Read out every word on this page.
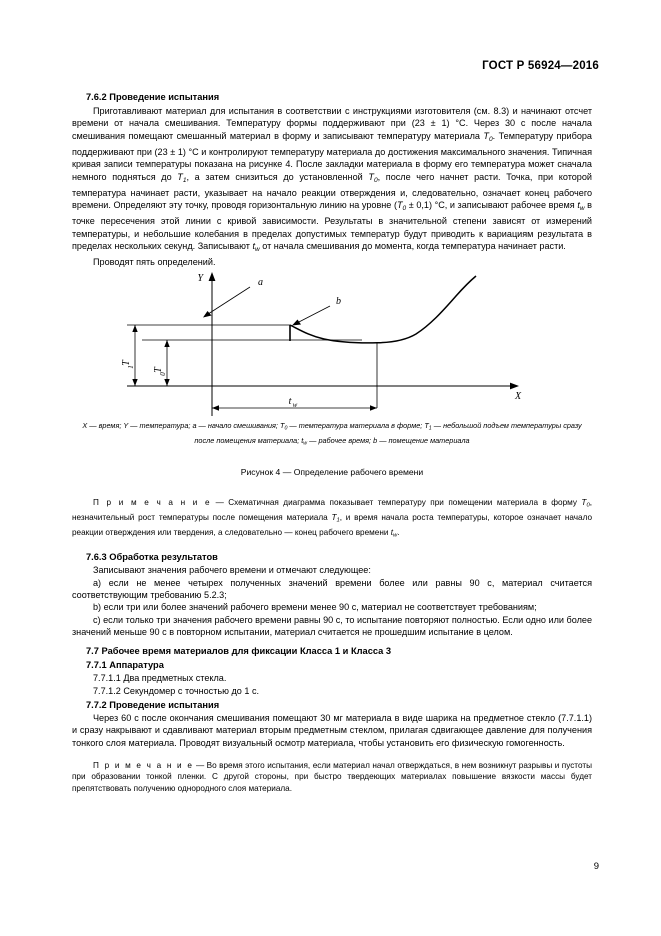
ГОСТ Р 56924—2016
7.6.2 Проведение испытания

Приготавливают материал для испытания в соответствии с инструкциями изготовителя (см. 8.3) и начинают отсчет времени от начала смешивания. Температуру формы поддерживают при (23 ± 1) °С. Через 30 с после начала смешивания помещают смешанный материал в форму и записывают температуру материала $T_0$. Температуру прибора поддерживают при (23 ± 1) °С и контролируют температуру материала до достижения максимального значения. Типичная кривая записи температуры показана на рисунке 4. После закладки материала в форму его температура может сначала немного подняться до $T_1$, а затем снизиться до установленной $T_0$, после чего начнет расти. Точка, при которой температура начинает расти, указывает на начало реакции отверждения и, следовательно, означает конец рабочего времени. Определяют эту точку, проводя горизонтальную линию на уровне $(T_0 \pm 0,1)$ °С, и записывают рабочее время $t_w$ в точке пересечения этой линии с кривой зависимости. Результаты в значительной степени зависят от измерений температуры, и небольшие колебания в пределах допустимых температур будут приводить к вариациям результата в пределах нескольких секунд. Записывают $t_w$ от начала смешивания до момента, когда температура начинает расти.

Проводят пять определений.

T
1
T
0
t w
a
b
Y
X

X — время; Y — температура; a — начало смешивания; $T_0$ — температура материала в форме; $T_1$ — небольшой подъем температуры сразу после помещения материала; $t_w$ — рабочее время; b — помещение материала

Рисунок 4 — Определение рабочего времени

П р и м е ч а н и е — Схематичная диаграмма показывает температуру при помещении материала в форму $T_0$, незначительный рост температуры после помещения материала $T_1$, и время начала роста температуры, которое означает начало реакции отверждения или твердения, а следовательно — конец рабочего времени $t_w$.

7.6.3 Обработка результатов

Записывают значения рабочего времени и отмечают следующее:

a) если не менее четырех полученных значений времени более или равны 90 с, материал считается соответствующим требованию 5.2.3;

b) если три или более значений рабочего времени менее 90 с, материал не соответствует требованиям;

c) если только три значения рабочего времени равны 90 с, то испытание повторяют полностью. Если одно или более значений меньше 90 с в повторном испытании, материал считается не прошедшим испытание в целом.

7.7 Рабочее время материалов для фиксации Класса 1 и Класса 3
7.7.1 Аппаратура

7.7.1.1 Два предметных стекла.

7.7.1.2 Секундомер с точностью до 1 с.

7.7.2 Проведение испытания

Через 60 с после окончания смешивания помещают 30 мг материала в виде шарика на предметное стекло (7.7.1.1) и сразу накрывают и сдавливают материал вторым предметным стеклом, прилагая сдвигающее давление для получения тонкого слоя материала. Проводят визуальный осмотр материала, чтобы установить его физическую гомогенность.

П р и м е ч а н и е — Во время этого испытания, если материал начал отверждаться, в нем возникнут разрывы и пустоты при образовании тонкой пленки. С другой стороны, при быстро твердеющих материалах повышение вязкости массы будет препятствовать получению однородного слоя материала.

9
